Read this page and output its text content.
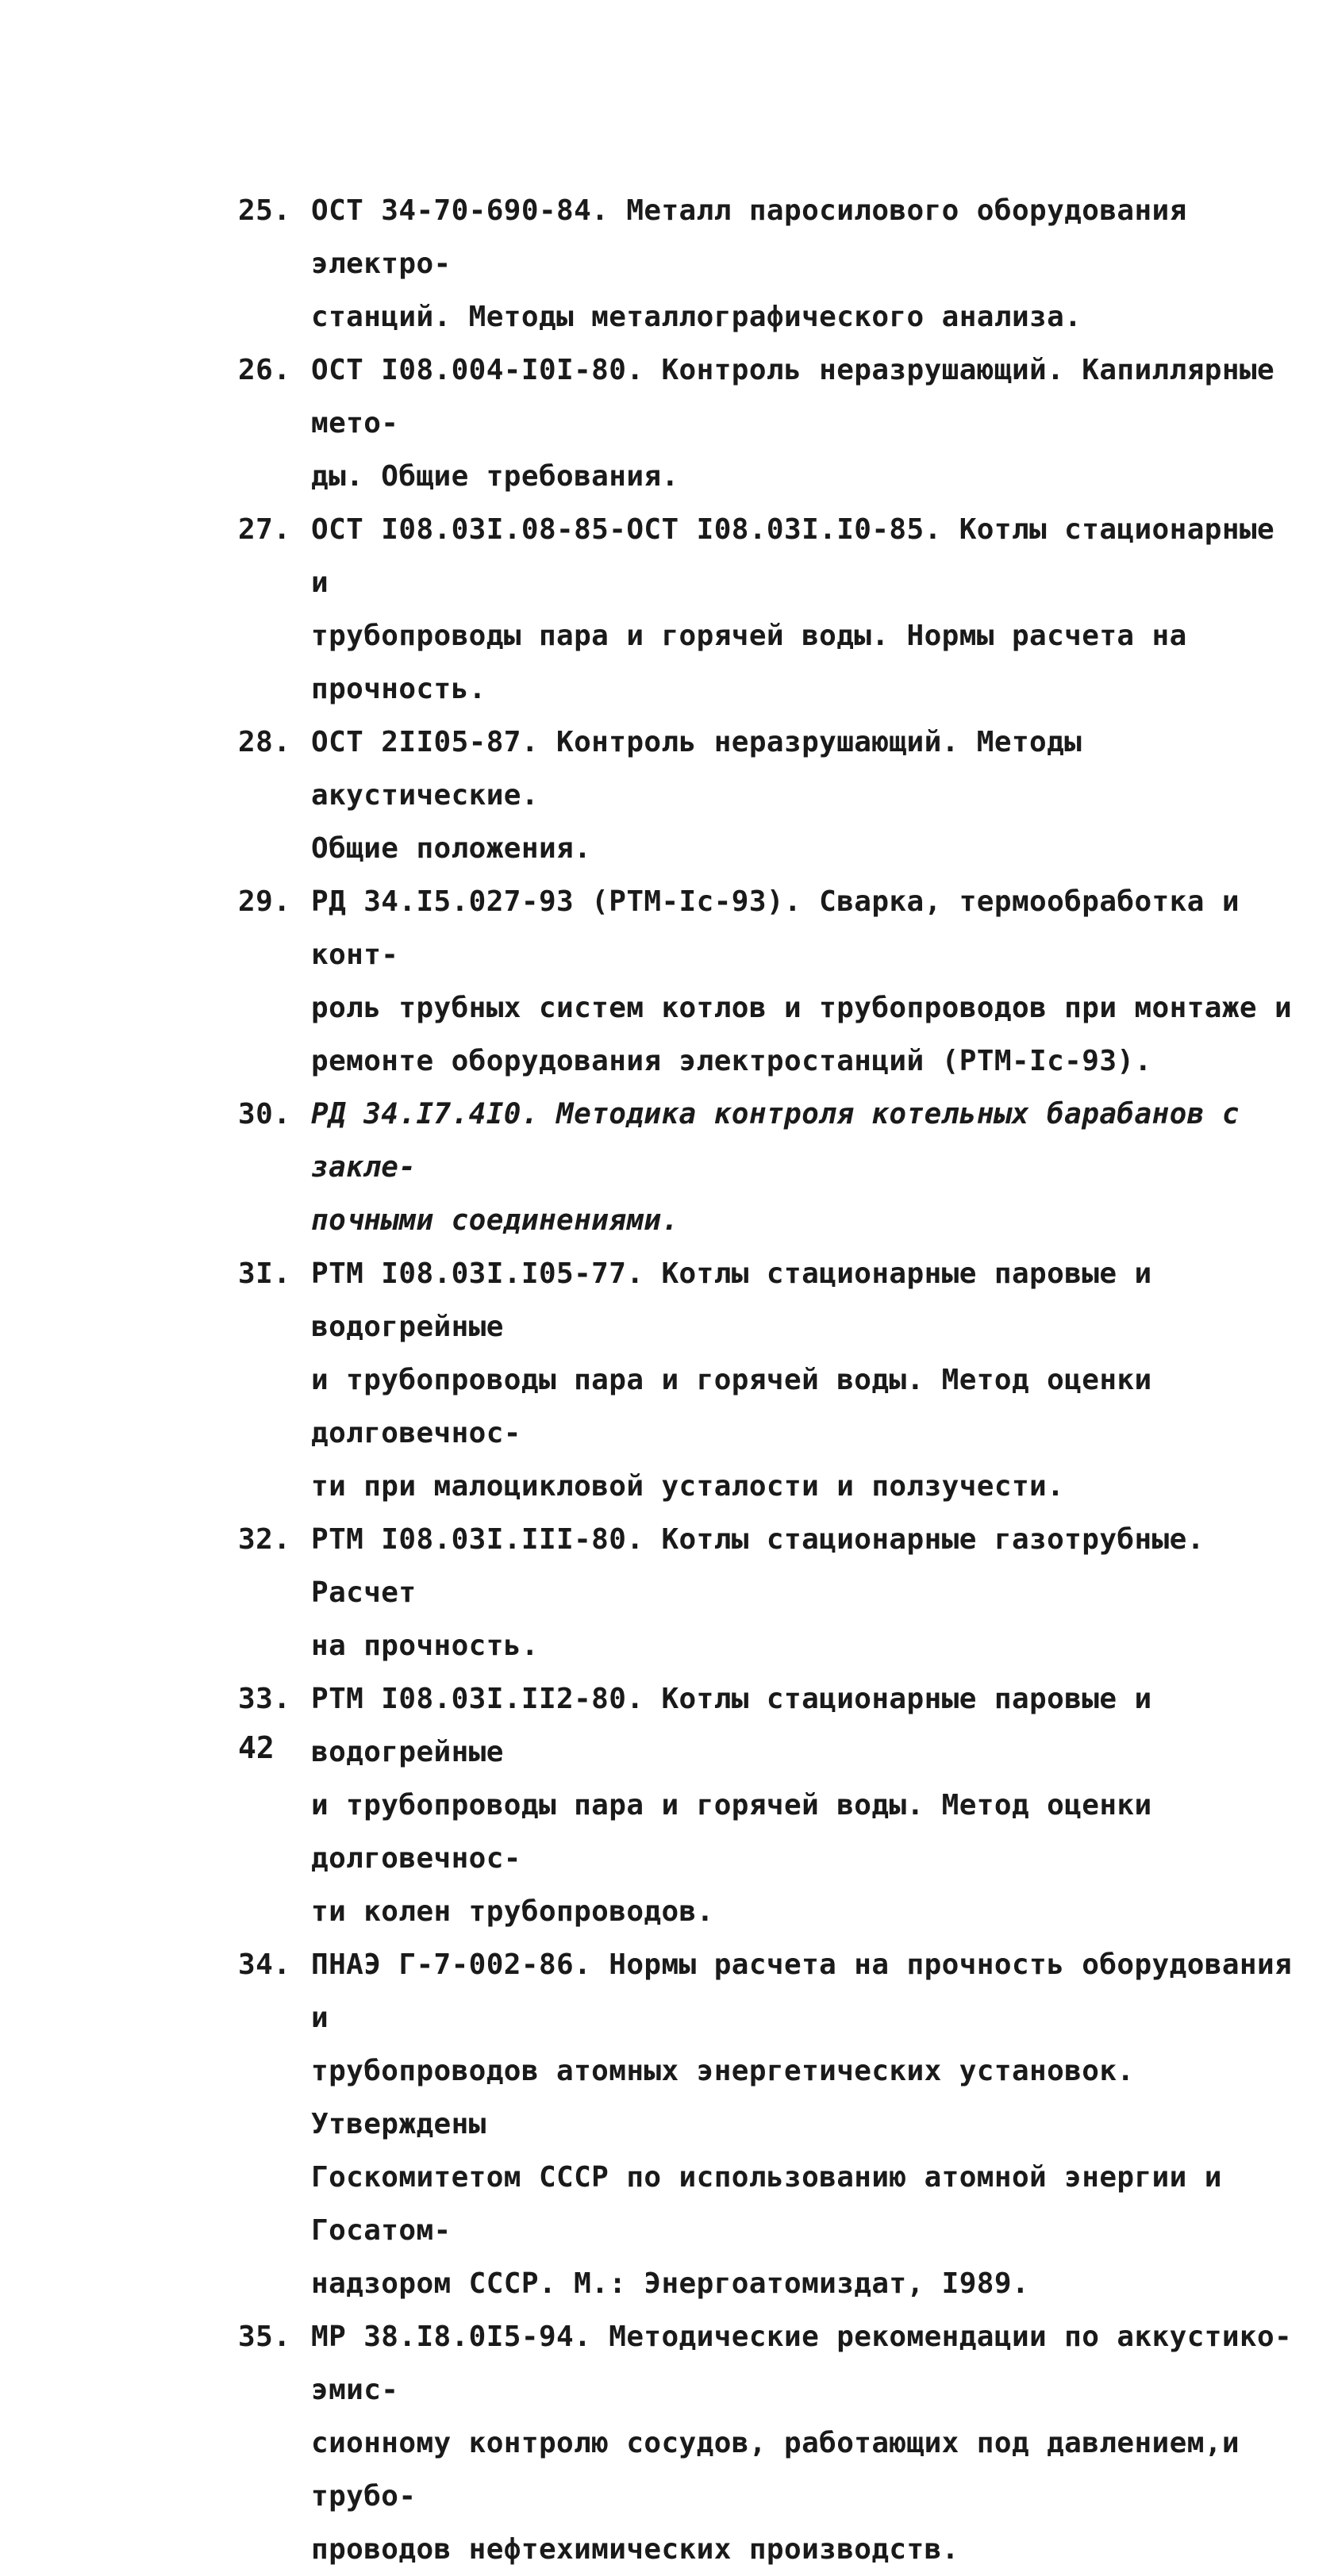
25. ОСТ 34-70-690-84. Металл паросилового оборудования электро-
станций. Методы металлографического анализа.
26. ОСТ I08.004-I0I-80. Контроль неразрушающий. Капиллярные мето-
ды. Общие требования.
27. ОСТ I08.03I.08-85-ОСТ I08.03I.I0-85. Котлы стационарные и
трубопроводы пара и горячей воды. Нормы расчета на прочность.
28. ОСТ 2II05-87. Контроль неразрушающий. Методы акустические.
Общие положения.
29. РД 34.I5.027-93 (РТМ-Iс-93). Сварка, термообработка и конт-
роль трубных систем котлов и трубопроводов при монтаже и
ремонте оборудования электростанций (РТМ-Iс-93).
30. РД 34.I7.4I0. Методика контроля котельных барабанов с закле-
почными соединениями.
3I. РТМ I08.03I.I05-77. Котлы стационарные паровые и водогрейные
и трубопроводы пара и горячей воды. Метод оценки долговечнос-
ти при малоцикловой усталости и ползучести.
32. РТМ I08.03I.III-80. Котлы стационарные газотрубные. Расчет
на прочность.
33. РТМ I08.03I.II2-80. Котлы стационарные паровые и водогрейные
и трубопроводы пара и горячей воды. Метод оценки долговечнос-
ти колен трубопроводов.
34. ПНАЭ Г-7-002-86. Нормы расчета на прочность оборудования и
трубопроводов атомных энергетических установок. Утверждены
Госкомитетом СССР по использованию атомной энергии и Госатом-
надзором СССР. М.: Энергоатомиздат, I989.
35. МР 38.I8.0I5-94. Методические рекомендации по аккустико-эмис-
сионному контролю сосудов, работающих под давлением,и трубо-
проводов нефтехимических производств.
42
